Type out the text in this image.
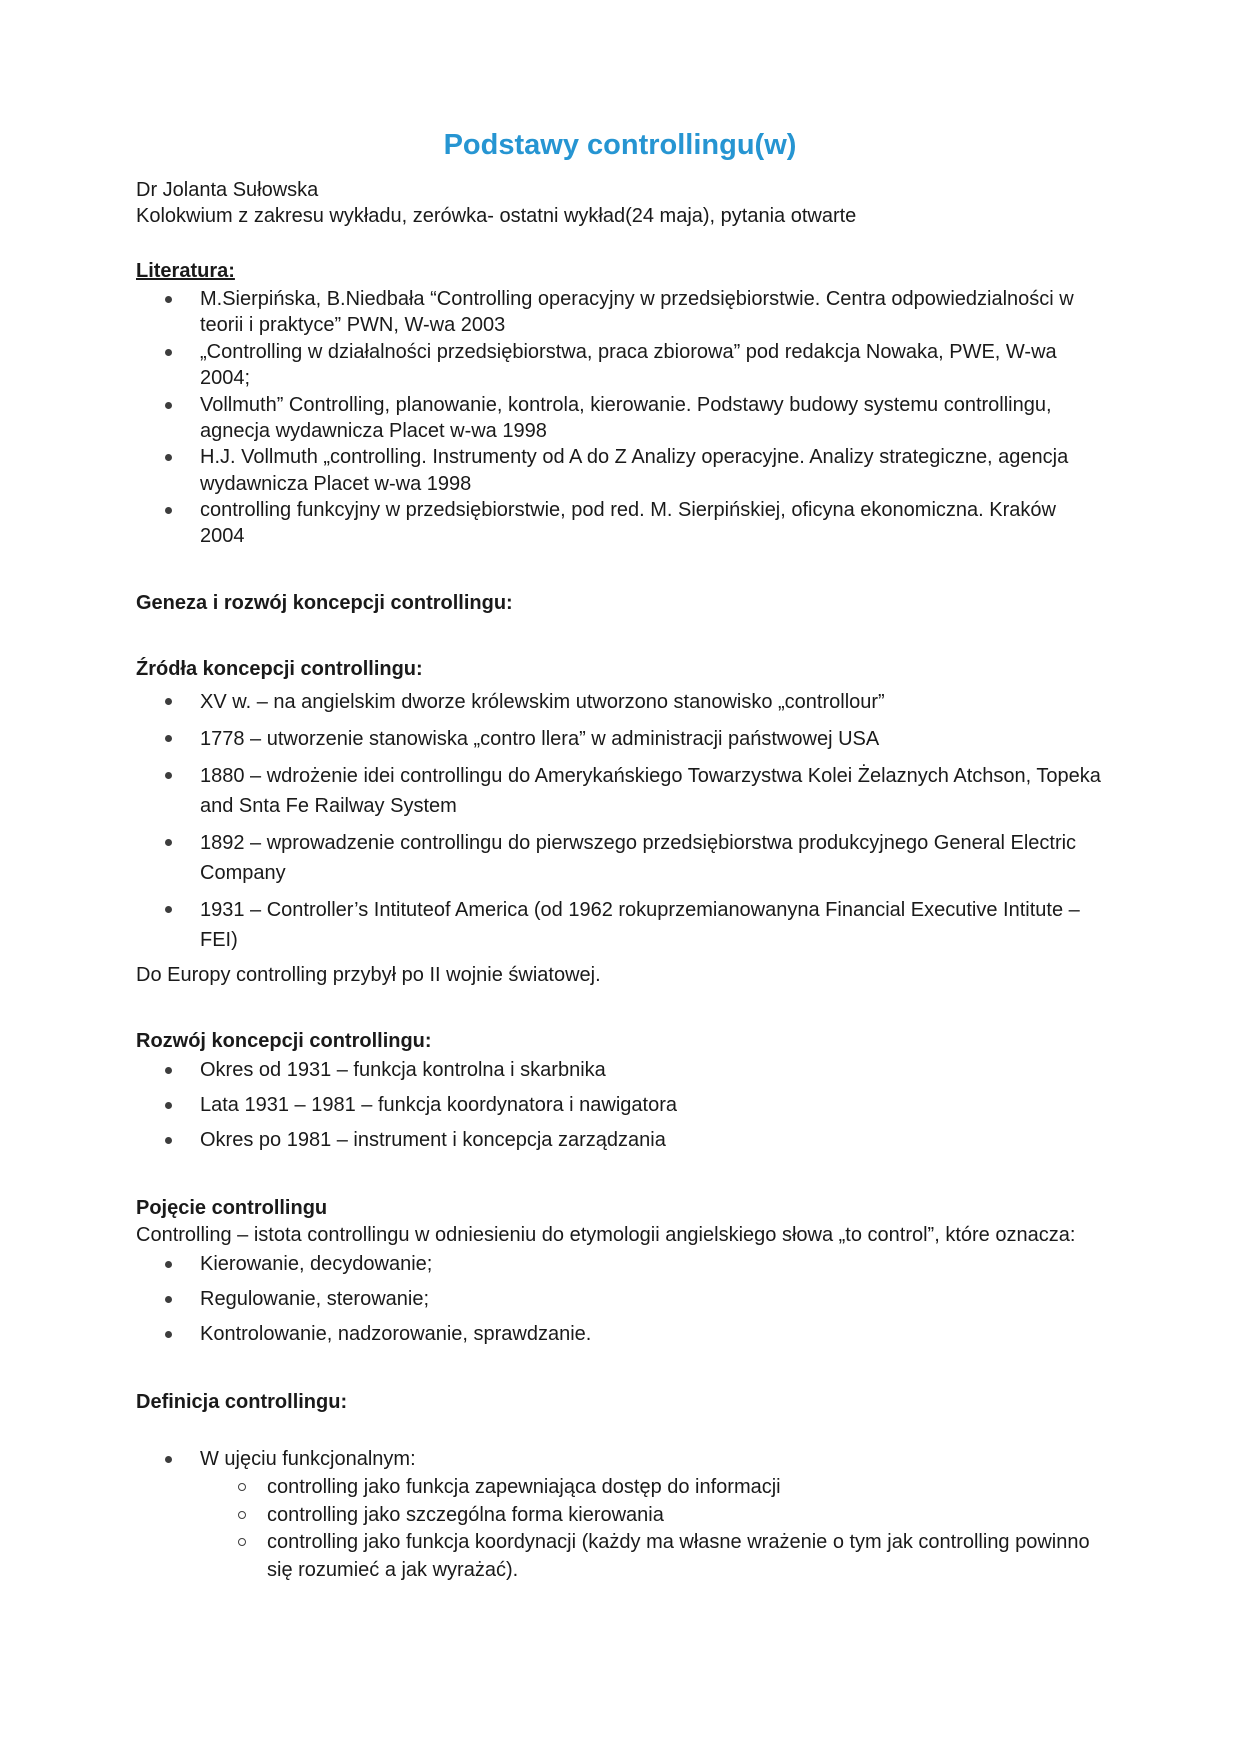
Podstawy controllingu(w)

Dr Jolanta Sułowska

Kolokwium z zakresu wykładu, zerówka- ostatni wykład(24 maja), pytania otwarte

Literatura:

M.Sierpińska, B.Niedbała “Controlling operacyjny w przedsiębiorstwie. Centra odpowiedzialności w teorii i praktyce” PWN, W-wa 2003
„Controlling w działalności przedsiębiorstwa, praca zbiorowa” pod redakcja Nowaka, PWE, W-wa 2004;
Vollmuth” Controlling, planowanie, kontrola, kierowanie. Podstawy budowy systemu controllingu, agnecja wydawnicza Placet w-wa 1998
H.J. Vollmuth „controlling. Instrumenty od A do Z Analizy operacyjne. Analizy strategiczne, agencja wydawnicza Placet w-wa 1998
controlling funkcyjny w przedsiębiorstwie, pod red. M. Sierpińskiej, oficyna ekonomiczna. Kraków 2004

Geneza i rozwój koncepcji controllingu:

Źródła koncepcji controllingu:

XV w. – na angielskim dworze królewskim utworzono stanowisko „controllour”
1778 – utworzenie stanowiska „contro llera” w administracji państwowej USA
1880 – wdrożenie idei controllingu do Amerykańskiego Towarzystwa Kolei Żelaznych Atchson, Topeka and Snta Fe Railway System
1892 – wprowadzenie controllingu do pierwszego przedsiębiorstwa produkcyjnego General Electric Company
1931 – Controller’s Intituteof America (od 1962 rokuprzemianowanyna Financial Executive Intitute – FEI)

Do Europy controlling przybył po II wojnie światowej.

Rozwój koncepcji controllingu:

Okres od 1931 – funkcja kontrolna i skarbnika
Lata 1931 – 1981 – funkcja koordynatora i nawigatora
Okres po 1981 – instrument i koncepcja zarządzania

Pojęcie controllingu

Controlling – istota controllingu w odniesieniu do etymologii angielskiego słowa „to control”, które oznacza:

Kierowanie, decydowanie;
Regulowanie, sterowanie;
Kontrolowanie, nadzorowanie, sprawdzanie.

Definicja controllingu:

W ujęciu funkcjonalnym:
controlling jako funkcja zapewniająca dostęp do informacji
controlling jako szczególna forma kierowania
controlling jako funkcja koordynacji (każdy ma własne wrażenie o tym jak controlling powinno się rozumieć a jak wyrażać).
